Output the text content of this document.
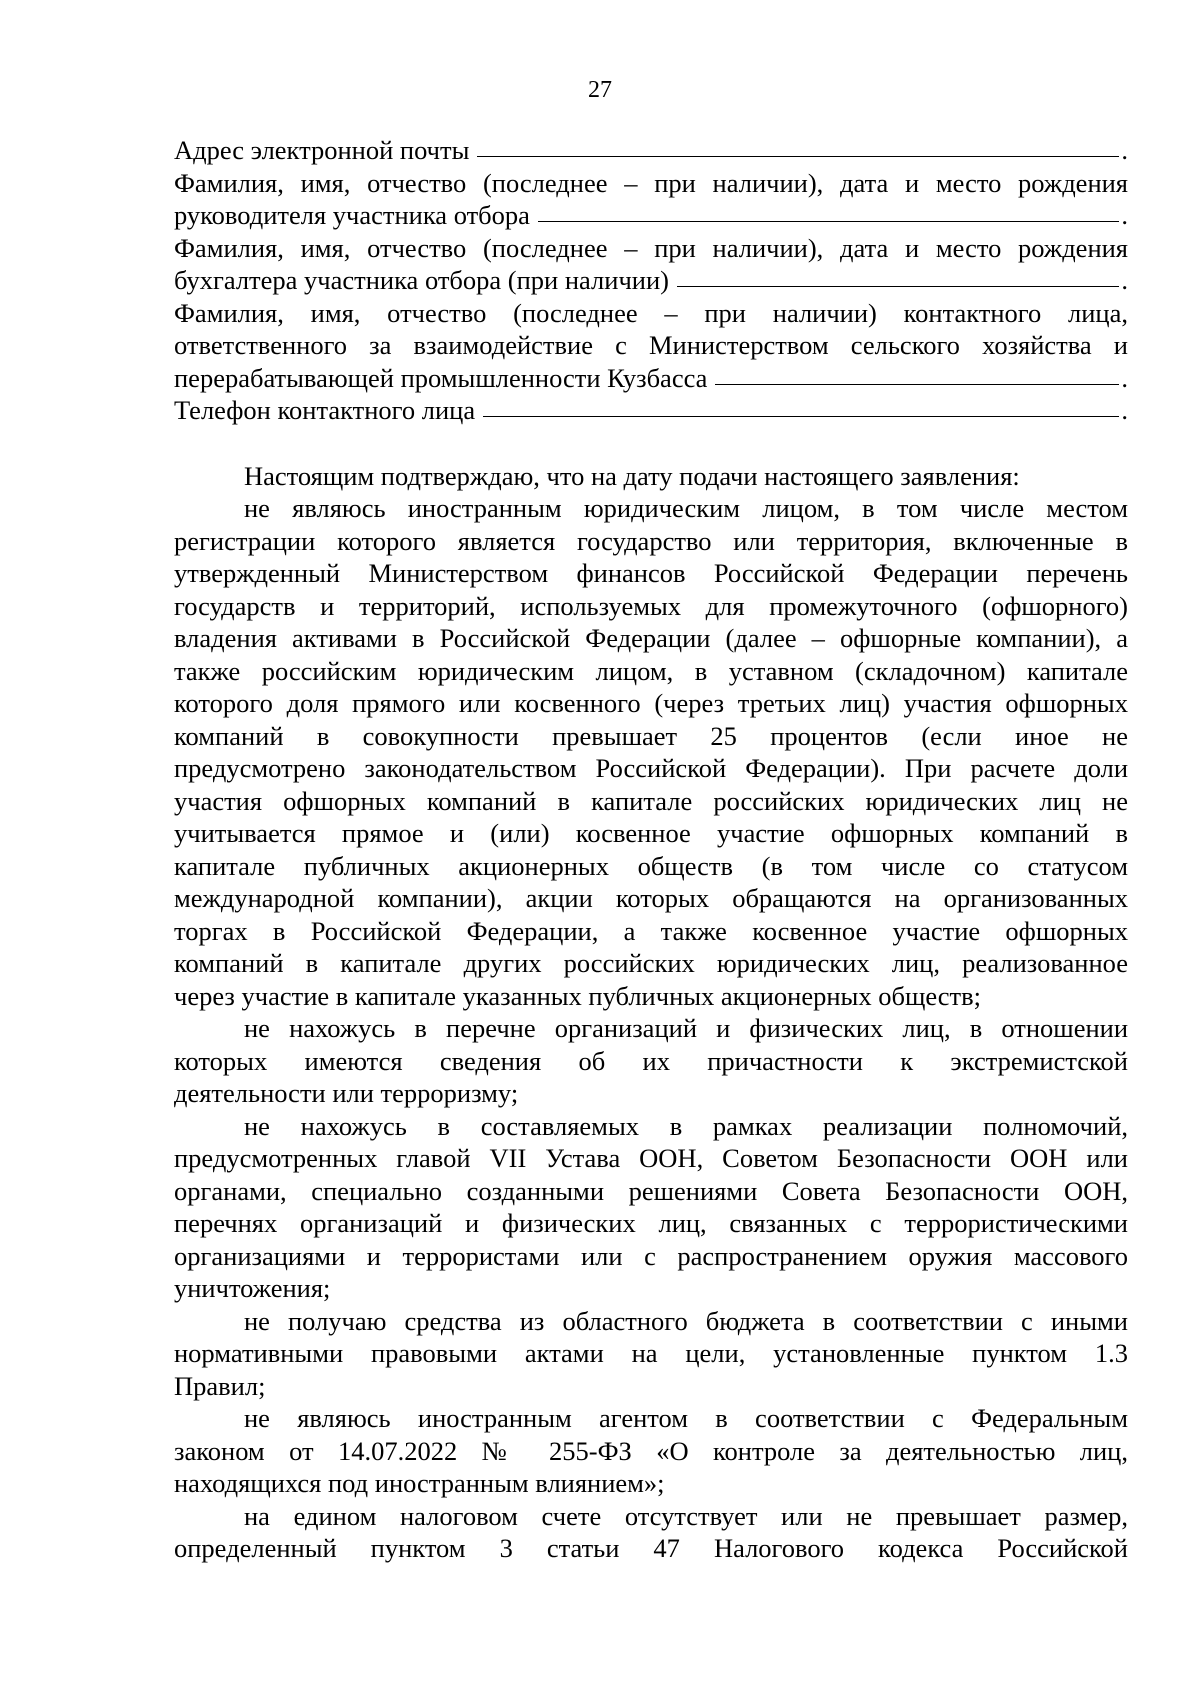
27
Адрес электронной почты	.
Фамилия, имя, отчество (последнее – при наличии), дата и место рождения
руководителя участника отбора	.
Фамилия, имя, отчество (последнее – при наличии), дата и место рождения
бухгалтера участника отбора (при наличии)	.
Фамилия, имя, отчество (последнее – при наличии) контактного лица,
ответственного за взаимодействие с Министерством сельского хозяйства и
перерабатывающей промышленности Кузбасса	.
Телефон контактного лица	.
Настоящим подтверждаю, что на дату подачи настоящего заявления:
не являюсь иностранным юридическим лицом, в том числе местом
регистрации которого является государство или территория, включенные в
утвержденный Министерством финансов Российской Федерации перечень
государств и территорий, используемых для промежуточного (офшорного)
владения активами в Российской Федерации (далее – офшорные компании), а
также российским юридическим лицом, в уставном (складочном) капитале
которого доля прямого или косвенного (через третьих лиц) участия офшорных
компаний в совокупности превышает 25 процентов (если иное не
предусмотрено законодательством Российской Федерации). При расчете доли
участия офшорных компаний в капитале российских юридических лиц не
учитывается прямое и (или) косвенное участие офшорных компаний в
капитале публичных акционерных обществ (в том числе со статусом
международной компании), акции которых обращаются на организованных
торгах в Российской Федерации, а также косвенное участие офшорных
компаний в капитале других российских юридических лиц, реализованное
через участие в капитале указанных публичных акционерных обществ;
не нахожусь в перечне организаций и физических лиц, в отношении
которых имеются сведения об их причастности к экстремистской
деятельности или терроризму;
не нахожусь в составляемых в рамках реализации полномочий,
предусмотренных главой VII Устава ООН, Советом Безопасности ООН или
органами, специально созданными решениями Совета Безопасности ООН,
перечнях организаций и физических лиц, связанных с террористическими
организациями и террористами или с распространением оружия массового
уничтожения;
не получаю средства из областного бюджета в соответствии с иными
нормативными правовыми актами на цели, установленные пунктом 1.3
Правил;
не являюсь иностранным агентом в соответствии с Федеральным
законом от 14.07.2022 № 255-ФЗ «О контроле за деятельностью лиц,
находящихся под иностранным влиянием»;
на едином налоговом счете отсутствует или не превышает размер,
определенный пунктом 3 статьи 47 Налогового кодекса Российской
